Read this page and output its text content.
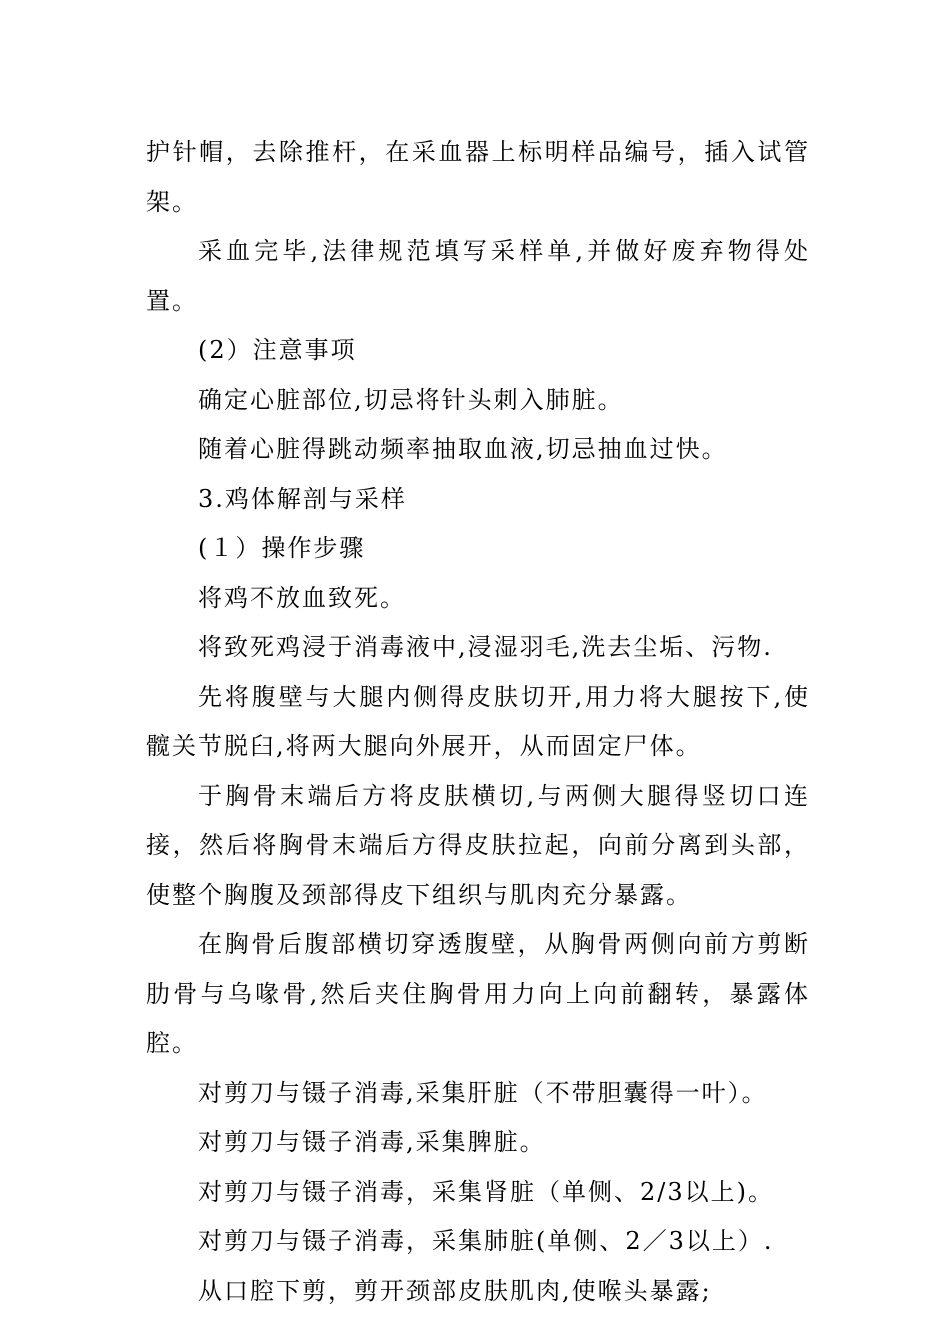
护针帽，去除推杆，在采血器上标明样品编号，插入试管架。

采血完毕,法律规范填写采样单,并做好废弃物得处置。

(2）注意事项

确定心脏部位,切忌将针头刺入肺脏。

随着心脏得跳动频率抽取血液,切忌抽血过快。

3.鸡体解剖与采样

(１）操作步骤

将鸡不放血致死。

将致死鸡浸于消毒液中,浸湿羽毛,洗去尘垢、污物.

先将腹壁与大腿内侧得皮肤切开,用力将大腿按下,使髋关节脱臼,将两大腿向外展开，从而固定尸体。

于胸骨末端后方将皮肤横切,与两侧大腿得竖切口连接，然后将胸骨末端后方得皮肤拉起，向前分离到头部，使整个胸腹及颈部得皮下组织与肌肉充分暴露。

在胸骨后腹部横切穿透腹壁，从胸骨两侧向前方剪断肋骨与乌喙骨,然后夹住胸骨用力向上向前翻转，暴露体腔。

对剪刀与镊子消毒,采集肝脏（不带胆囊得一叶）。

对剪刀与镊子消毒,采集脾脏。

对剪刀与镊子消毒，采集肾脏（单侧、2/3以上)。

对剪刀与镊子消毒，采集肺脏(单侧、2／3以上）.

从口腔下剪，剪开颈部皮肤肌肉,使喉头暴露;
